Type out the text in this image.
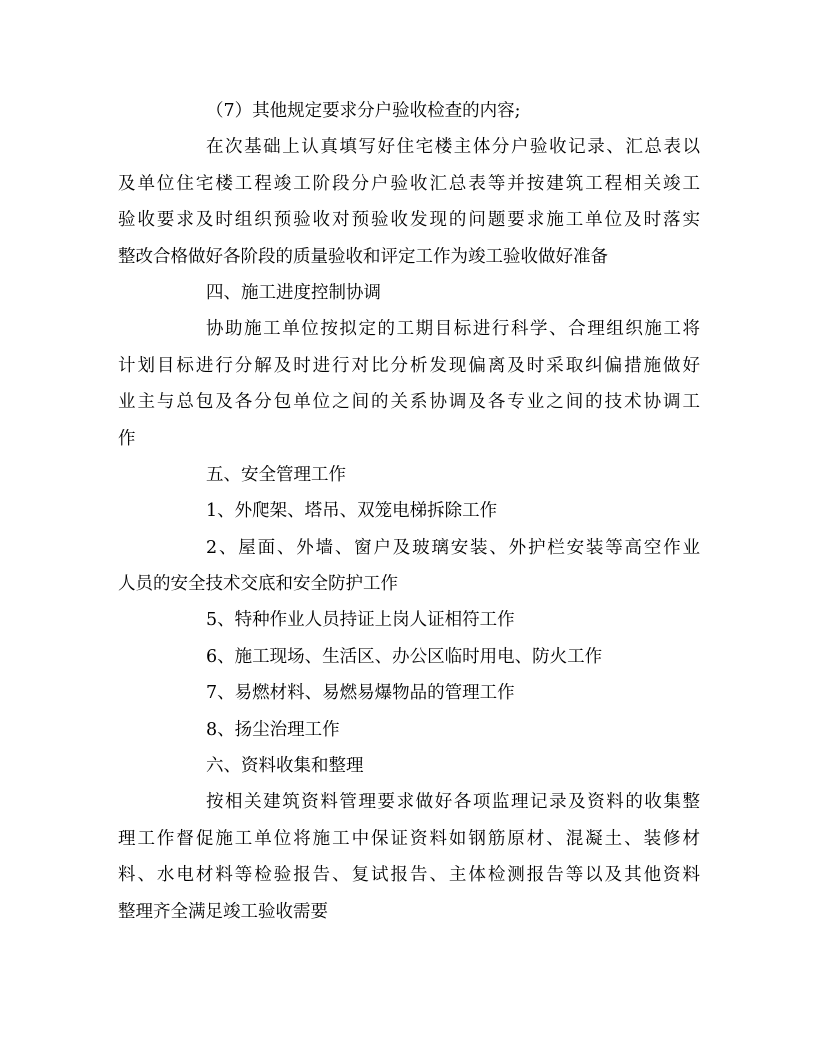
（7）其他规定要求分户验收检查的内容;
在次基础上认真填写好住宅楼主体分户验收记录、汇总表以
及单位住宅楼工程竣工阶段分户验收汇总表等并按建筑工程相关竣工
验收要求及时组织预验收对预验收发现的问题要求施工单位及时落实
整改合格做好各阶段的质量验收和评定工作为竣工验收做好准备
四、施工进度控制协调
协助施工单位按拟定的工期目标进行科学、合理组织施工将
计划目标进行分解及时进行对比分析发现偏离及时采取纠偏措施做好
业主与总包及各分包单位之间的关系协调及各专业之间的技术协调工
作
五、安全管理工作
1、外爬架、塔吊、双笼电梯拆除工作
2、屋面、外墙、窗户及玻璃安装、外护栏安装等高空作业
人员的安全技术交底和安全防护工作
5、特种作业人员持证上岗人证相符工作
6、施工现场、生活区、办公区临时用电、防火工作
7、易燃材料、易燃易爆物品的管理工作
8、扬尘治理工作
六、资料收集和整理
按相关建筑资料管理要求做好各项监理记录及资料的收集整
理工作督促施工单位将施工中保证资料如钢筋原材、混凝土、装修材
料、水电材料等检验报告、复试报告、主体检测报告等以及其他资料
整理齐全满足竣工验收需要
